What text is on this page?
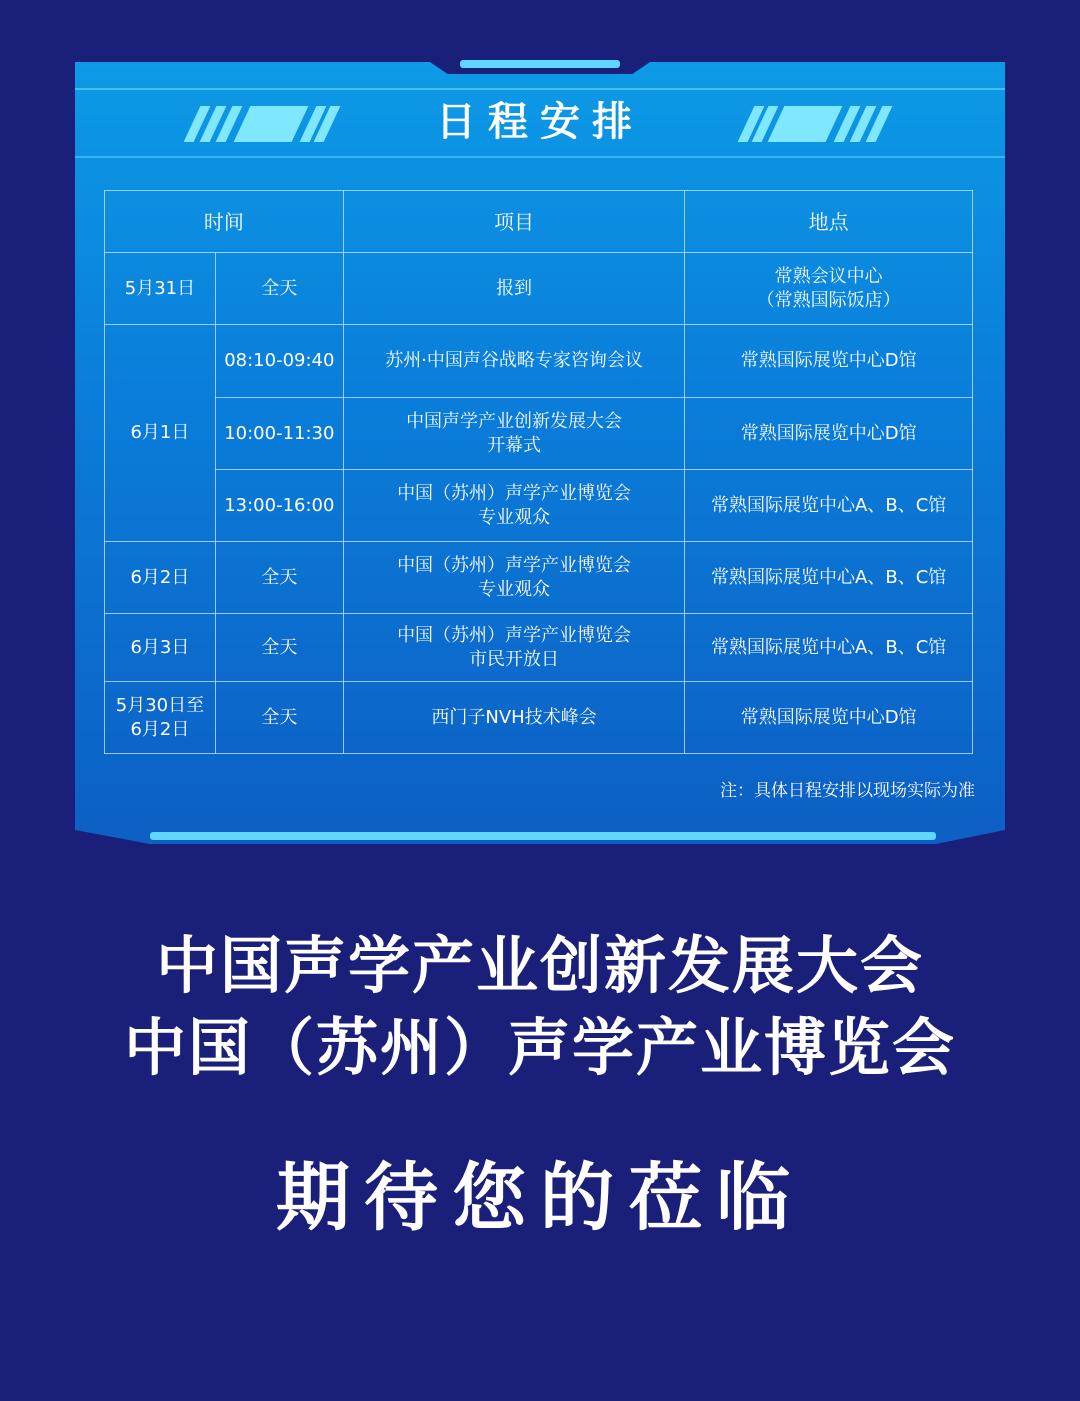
日程安排
时间		项目	地点
5月31日	全天	报到	常熟会议中心
（常熟国际饭店）

6月1日	08:10-09:40	苏州·中国声谷战略专家咨询会议	常熟国际展览中心D馆

	10:00-11:30	中国声学产业创新发展大会
开幕式	常熟国际展览中心D馆

	13:00-16:00	中国（苏州）声学产业博览会
专业观众	常熟国际展览中心A、B、C馆

6月2日	全天	中国（苏州）声学产业博览会
专业观众	常熟国际展览中心A、B、C馆

6月3日	全天	中国（苏州）声学产业博览会
市民开放日	常熟国际展览中心A、B、C馆

5月30日至
6月2日	全天	西门子NVH技术峰会	常熟国际展览中心D馆
注：具体日程安排以现场实际为准
中国声学产业创新发展大会
中国（苏州）声学产业博览会
期待您的莅临
